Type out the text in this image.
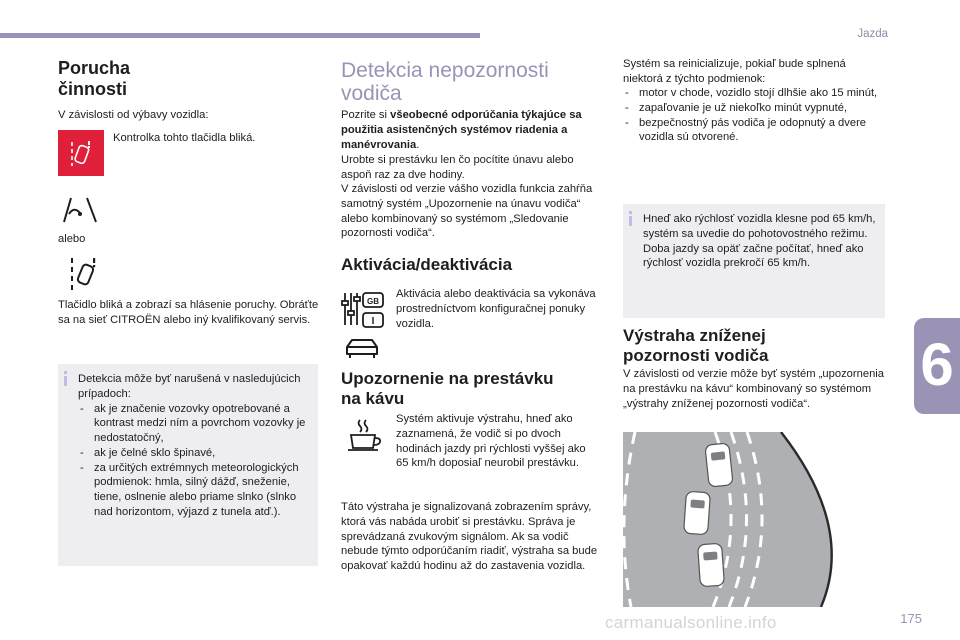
Jazda
6
175
carmanualsonline.info
Porucha
činnosti

V závislosti od výbavy vozidla:

Kontrolka tohto tlačidla bliká.

alebo

Tlačidlo bliká a zobrazí sa hlásenie poruchy. Obráťte sa na sieť CITROËN alebo iný kvalifikovaný servis.

Detekcia môže byť narušená v nasledujúcich prípadoch:

- ak je značenie vozovky opotrebované a kontrast medzi ním a povrchom vozovky je nedostatočný,
- ak je čelné sklo špinavé,
- za určitých extrémnych meteorologických podmienok: hmla, silný dážď, sneženie, tiene, oslnenie alebo priame slnko (slnko nad horizontom, výjazd z tunela atď.).
Detekcia nepozornosti
vodiča

Pozrite si všeobecné odporúčania týkajúce sa použitia asistenčných systémov riadenia a manévrovania.

Urobte si prestávku len čo pocítite únavu alebo aspoň raz za dve hodiny.

V závislosti od verzie vášho vozidla funkcia zahŕňa samotný systém „Upozornenie na únavu vodiča“ alebo kombinovaný so systémom „Sledovanie pozornosti vodiča“.

Aktivácia/deaktivácia
GB
I

Aktivácia alebo deaktivácia sa vykonáva prostredníctvom konfiguračnej ponuky vozidla.

Upozornenie na prestávku
na kávu

Systém aktivuje výstrahu, hneď ako zaznamená, že vodič si po dvoch hodinách jazdy pri rýchlosti vyššej ako 65 km/h doposiaľ neurobil prestávku.

Táto výstraha je signalizovaná zobrazením správy, ktorá vás nabáda urobiť si prestávku. Správa je sprevádzaná zvukovým signálom. Ak sa vodič nebude týmto odporúčaním riadiť, výstraha sa bude opakovať každú hodinu až do zastavenia vozidla.

Systém sa reinicializuje, pokiaľ bude splnená niektorá z týchto podmienok:

- motor v chode, vozidlo stojí dlhšie ako 15 minút,
- zapaľovanie je už niekoľko minút vypnuté,
- bezpečnostný pás vodiča je odopnutý a dvere vozidla sú otvorené.
Hneď ako rýchlosť vozidla klesne pod 65 km/h, systém sa uvedie do pohotovostného režimu. Doba jazdy sa opäť začne počítať, hneď ako rýchlosť vozidla prekročí 65 km/h.
Výstraha zníženej
pozornosti vodiča

V závislosti od verzie môže byť systém „upozornenia na prestávku na kávu“ kombinovaný so systémom „výstrahy zníženej pozornosti vodiča“.
